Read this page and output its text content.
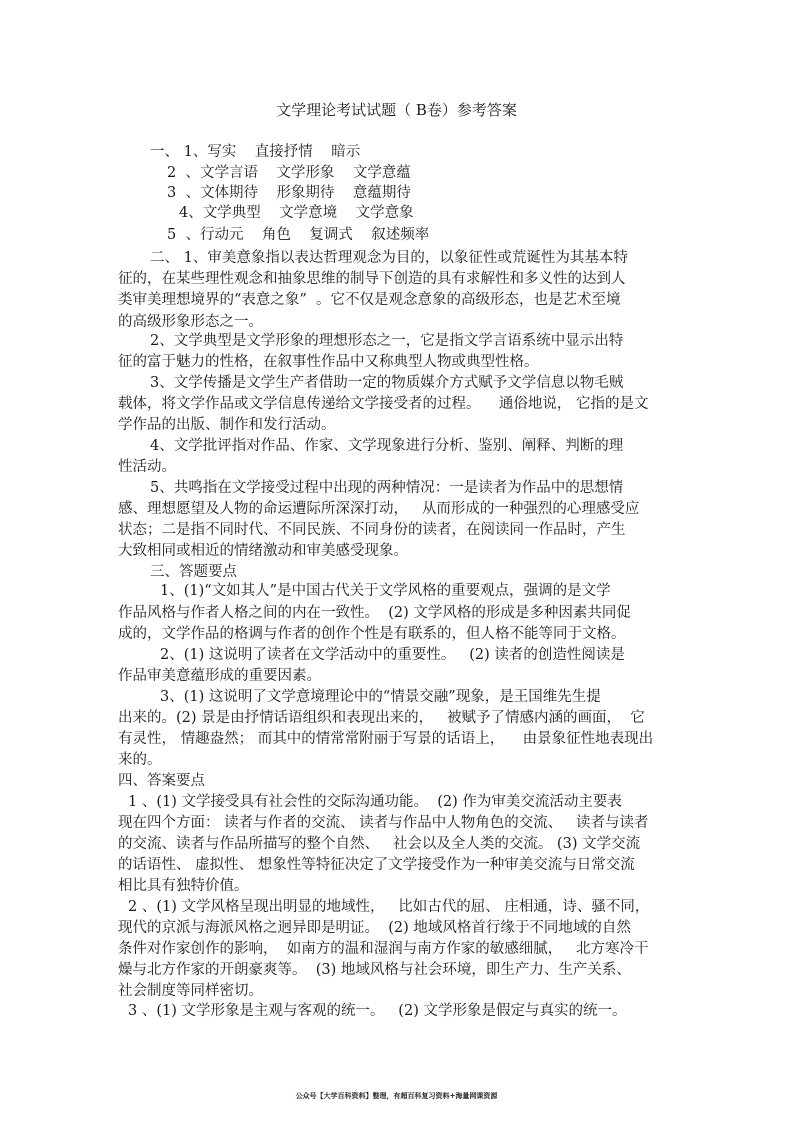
文学理论考试试题（ B卷）参考答案
一、 1、写实    直接抒情    暗示
2  、文学言语    文学形象    文学意蕴
3  、文体期待    形象期待    意蕴期待
4、文学典型    文学意境    文学意象
5  、行动元    角色    复调式    叙述频率
二、 1、审美意象指以表达哲理观念为目的，以象征性或荒诞性为其基本特
征的，在某些理性观念和抽象思维的制导下创造的具有求解性和多义性的达到人
类审美理想境界的“表意之象”  。它不仅是观念意象的高级形态，也是艺术至境
的高级形象形态之一。
2、文学典型是文学形象的理想形态之一，它是指文学言语系统中显示出特
征的富于魅力的性格，在叙事性作品中又称典型人物或典型性格。
3、文学传播是文学生产者借助一定的物质媒介方式赋予文学信息以物毛贼
载体，将文学作品或文学信息传递给文学接受者的过程。    通俗地说， 它指的是文
学作品的出版、制作和发行活动。
4、文学批评指对作品、作家、文学现象进行分析、鉴别、阐释、判断的理
性活动。
5、共鸣指在文学接受过程中出现的两种情况：一是读者为作品中的思想情
感、理想愿望及人物的命运遭际所深深打动，   从而形成的一种强烈的心理感受应
状态；二是指不同时代、不同民族、不同身份的读者，在阅读同一作品时，产生
大致相同或相近的情绪激动和审美感受现象。
三、答题要点
1、(1)“文如其人”是中国古代关于文学风格的重要观点，强调的是文学
作品风格与作者人格之间的内在一致性。  (2) 文学风格的形成是多种因素共同促
成的，文学作品的格调与作者的创作个性是有联系的，但人格不能等同于文格。
2、(1) 这说明了读者在文学活动中的重要性。   (2) 读者的创造性阅读是
作品审美意蕴形成的重要因素。
3、(1) 这说明了文学意境理论中的“情景交融”现象，是王国维先生提
出来的。(2) 景是由抒情话语组织和表现出来的，   被赋予了情感内涵的画面，  它
有灵性， 情趣盎然； 而其中的情常常附丽于写景的话语上，    由景象征性地表现出
来的。
四、答案要点
1 、(1) 文学接受具有社会性的交际沟通功能。  (2) 作为审美交流活动主要表
现在四个方面： 读者与作者的交流、 读者与作品中人物角色的交流、   读者与读者
的交流、读者与作品所描写的整个自然、   社会以及全人类的交流。 (3) 文学交流
的话语性、 虚拟性、 想象性等特征决定了文学接受作为一种审美交流与日常交流
相比具有独特价值。
2 、(1) 文学风格呈现出明显的地域性，   比如古代的屈、 庄相通，诗、骚不同，
现代的京派与海派风格之迥异即是明证。  (2) 地域风格首行缘于不同地域的自然
条件对作家创作的影响，  如南方的温和湿润与南方作家的敏感细腻，   北方寒冷干
燥与北方作家的开朗豪爽等。  (3) 地域风格与社会环境，即生产力、生产关系、
社会制度等同样密切。
3 、(1) 文学形象是主观与客观的统一。   (2) 文学形象是假定与真实的统一。
公众号【大学百科资料】整理，有超百科复习资料+海量网课资源
